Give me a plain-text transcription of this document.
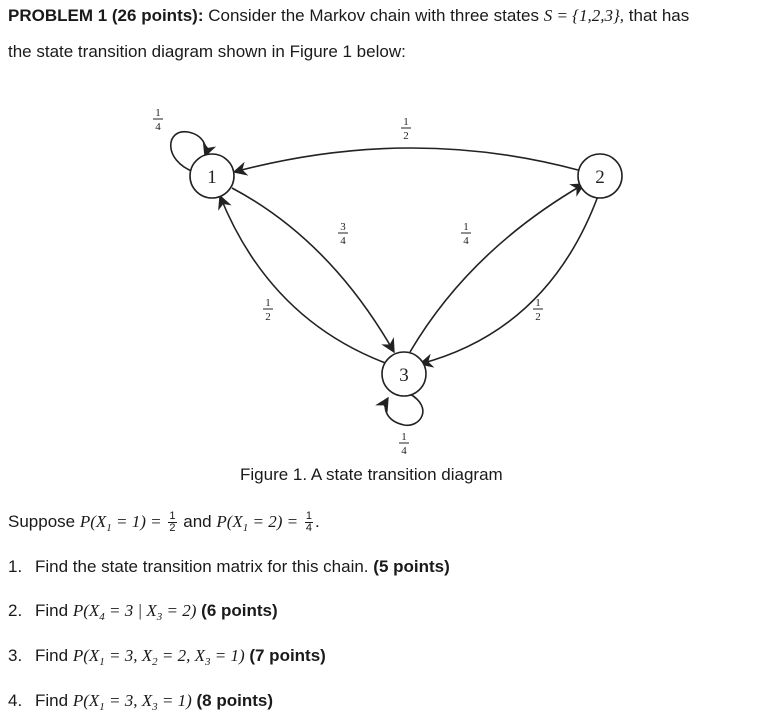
PROBLEM 1 (26 points): Consider the Markov chain with three states S = {1,2,3}, that has
the state transition diagram shown in Figure 1 below:
1	2
3
1
4	1
2
3
4
1
4
1
2
1
2
1
4
Figure 1. A state transition diagram
Suppose $P(X_1 = 1) = \frac{1}{2}$ and $P(X_1 = 2) = \frac{1}{4}$ .
1. Find the state transition matrix for this chain. (5 points)
2. Find $P(X_4 = 3$ | $X_3 = 2$) (6 points)
3. Find $P(X_1 = 3$, $X_2 = 2$, $X_3 = 1$) (7 points)
4. Find $P(X_1 = 3$, $X_3 = 1$) (8 points)
